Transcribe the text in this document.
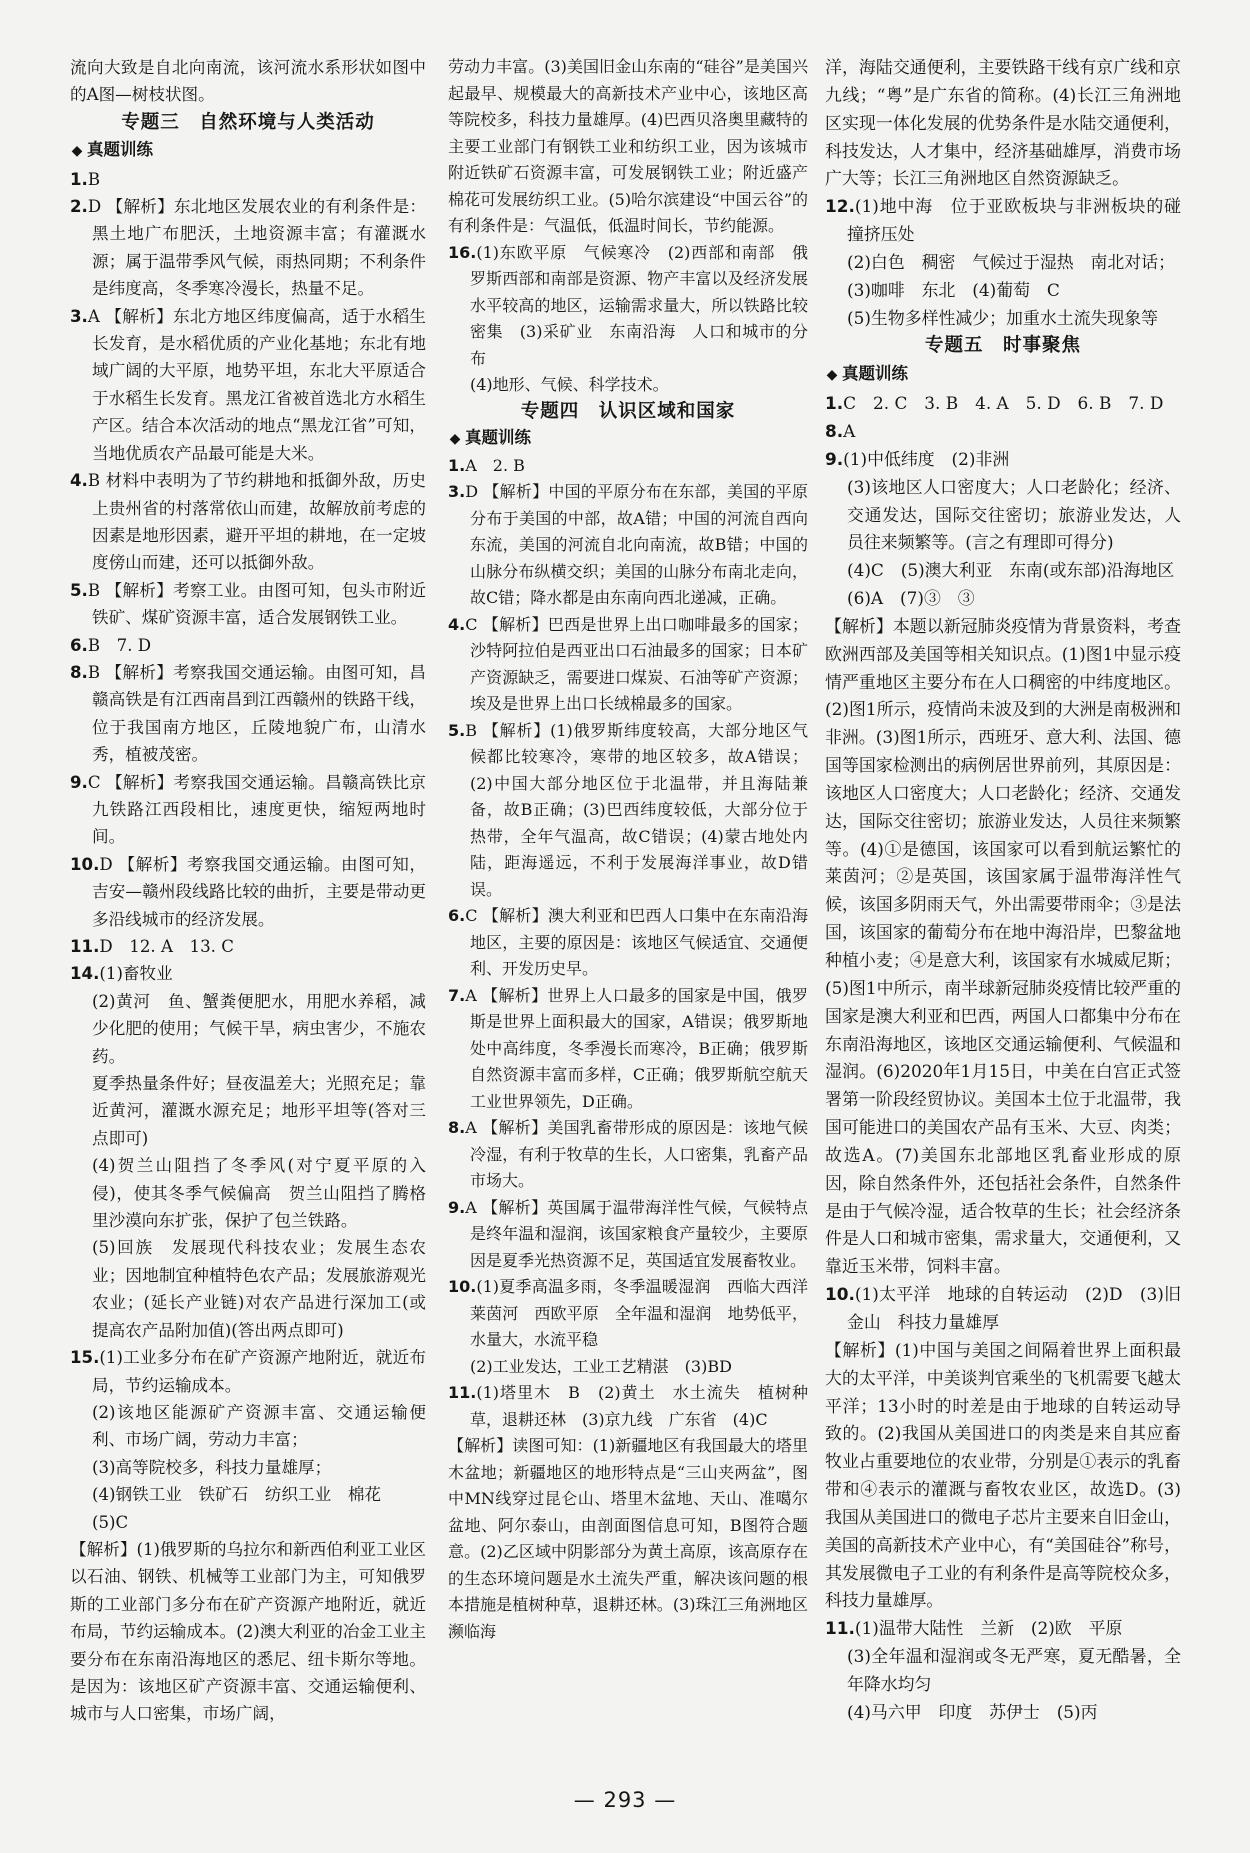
流向大致是自北向南流，该河流水系形状如图中的A图—树枝状图。

专题三　自然环境与人类活动

◆ 真题训练

1.B

2.D 【解析】东北地区发展农业的有利条件是：黑土地广布肥沃，土地资源丰富；有灌溉水源；属于温带季风气候，雨热同期；不利条件是纬度高，冬季寒冷漫长，热量不足。

3.A 【解析】东北方地区纬度偏高，适于水稻生长发育，是水稻优质的产业化基地；东北有地域广阔的大平原，地势平坦，东北大平原适合于水稻生长发育。黑龙江省被首选北方水稻生产区。结合本次活动的地点“黑龙江省”可知，当地优质农产品最可能是大米。

4.B 材料中表明为了节约耕地和抵御外敌，历史上贵州省的村落常依山而建，故解放前考虑的因素是地形因素，避开平坦的耕地，在一定坡度傍山而建，还可以抵御外敌。

5.B 【解析】考察工业。由图可知，包头市附近铁矿、煤矿资源丰富，适合发展钢铁工业。

6.B　7. D

8.B 【解析】考察我国交通运输。由图可知，昌赣高铁是有江西南昌到江西赣州的铁路干线，位于我国南方地区，丘陵地貌广布，山清水秀，植被茂密。

9.C 【解析】考察我国交通运输。昌赣高铁比京九铁路江西段相比，速度更快，缩短两地时间。

10.D 【解析】考察我国交通运输。由图可知，吉安—赣州段线路比较的曲折，主要是带动更多沿线城市的经济发展。

11.D　12. A　13. C

14.(1)畜牧业

(2)黄河　鱼、蟹粪便肥水，用肥水养稻，减少化肥的使用；气候干旱，病虫害少，不施农药。

夏季热量条件好；昼夜温差大；光照充足；靠近黄河，灌溉水源充足；地形平坦等(答对三点即可)

(4)贺兰山阻挡了冬季风(对宁夏平原的入侵)，使其冬季气候偏高　贺兰山阻挡了腾格里沙漠向东扩张，保护了包兰铁路。

(5)回族　发展现代科技农业；发展生态农业；因地制宜种植特色农产品；发展旅游观光农业；(延长产业链)对农产品进行深加工(或提高农产品附加值)(答出两点即可)

15.(1)工业多分布在矿产资源产地附近，就近布局，节约运输成本。

(2)该地区能源矿产资源丰富、交通运输便利、市场广阔，劳动力丰富；

(3)高等院校多，科技力量雄厚；

(4)钢铁工业　铁矿石　纺织工业　棉花

(5)C

【解析】(1)俄罗斯的乌拉尔和新西伯利亚工业区以石油、钢铁、机械等工业部门为主，可知俄罗斯的工业部门多分布在矿产资源产地附近，就近布局，节约运输成本。(2)澳大利亚的冶金工业主要分布在东南沿海地区的悉尼、纽卡斯尔等地。是因为：该地区矿产资源丰富、交通运输便利、城市与人口密集，市场广阔，

劳动力丰富。(3)美国旧金山东南的“硅谷”是美国兴起最早、规模最大的高新技术产业中心，该地区高等院校多，科技力量雄厚。(4)巴西贝洛奥里藏特的主要工业部门有钢铁工业和纺织工业，因为该城市附近铁矿石资源丰富，可发展钢铁工业；附近盛产棉花可发展纺织工业。(5)哈尔滨建设“中国云谷”的有利条件是：气温低，低温时间长，节约能源。

16.(1)东欧平原　气候寒冷　(2)西部和南部　俄罗斯西部和南部是资源、物产丰富以及经济发展水平较高的地区，运输需求量大，所以铁路比较密集　(3)采矿业　东南沿海　人口和城市的分布

(4)地形、气候、科学技术。

专题四　认识区域和国家

◆ 真题训练

1.A　2. B

3.D 【解析】中国的平原分布在东部，美国的平原分布于美国的中部，故A错；中国的河流自西向东流，美国的河流自北向南流，故B错；中国的山脉分布纵横交织；美国的山脉分布南北走向，故C错；降水都是由东南向西北递减，正确。

4.C 【解析】巴西是世界上出口咖啡最多的国家；沙特阿拉伯是西亚出口石油最多的国家；日本矿产资源缺乏，需要进口煤炭、石油等矿产资源；埃及是世界上出口长绒棉最多的国家。

5.B 【解析】(1)俄罗斯纬度较高，大部分地区气候都比较寒冷，寒带的地区较多，故A错误；(2)中国大部分地区位于北温带，并且海陆兼备，故B正确；(3)巴西纬度较低，大部分位于热带，全年气温高，故C错误；(4)蒙古地处内陆，距海遥远，不利于发展海洋事业，故D错误。

6.C 【解析】澳大利亚和巴西人口集中在东南沿海地区，主要的原因是：该地区气候适宜、交通便利、开发历史早。

7.A 【解析】世界上人口最多的国家是中国，俄罗斯是世界上面积最大的国家，A错误；俄罗斯地处中高纬度，冬季漫长而寒冷，B正确；俄罗斯自然资源丰富而多样，C正确；俄罗斯航空航天工业世界领先，D正确。

8.A 【解析】美国乳畜带形成的原因是：该地气候冷湿，有利于牧草的生长，人口密集，乳畜产品市场大。

9.A 【解析】英国属于温带海洋性气候，气候特点是终年温和湿润，该国家粮食产量较少，主要原因是夏季光热资源不足，英国适宜发展畜牧业。

10.(1)夏季高温多雨，冬季温暖湿润　西临大西洋　莱茵河　西欧平原　全年温和湿润　地势低平，水量大，水流平稳

(2)工业发达，工业工艺精湛　(3)BD

11.(1)塔里木　B　(2)黄土　水土流失　植树种草，退耕还林　(3)京九线　广东省　(4)C

【解析】读图可知：(1)新疆地区有我国最大的塔里木盆地；新疆地区的地形特点是“三山夹两盆”，图中MN线穿过昆仑山、塔里木盆地、天山、准噶尔盆地、阿尔泰山，由剖面图信息可知，B图符合题意。(2)乙区域中阴影部分为黄土高原，该高原存在的生态环境问题是水土流失严重，解决该问题的根本措施是植树种草，退耕还林。(3)珠江三角洲地区濒临海

洋，海陆交通便利，主要铁路干线有京广线和京九线；“粤”是广东省的简称。(4)长江三角洲地区实现一体化发展的优势条件是水陆交通便利，科技发达，人才集中，经济基础雄厚，消费市场广大等；长江三角洲地区自然资源缺乏。

12.(1)地中海　位于亚欧板块与非洲板块的碰撞挤压处

(2)白色　稠密　气候过于湿热　南北对话；

(3)咖啡　东北　(4)葡萄　C

(5)生物多样性减少；加重水土流失现象等

专题五　时事聚焦

◆ 真题训练

1.C　2. C　3. B　4. A　5. D　6. B　7. D

8.A

9.(1)中低纬度　(2)非洲

(3)该地区人口密度大；人口老龄化；经济、交通发达，国际交往密切；旅游业发达，人员往来频繁等。(言之有理即可得分)

(4)C　(5)澳大利亚　东南(或东部)沿海地区

(6)A　(7)③　③

【解析】本题以新冠肺炎疫情为背景资料，考查欧洲西部及美国等相关知识点。(1)图1中显示疫情严重地区主要分布在人口稠密的中纬度地区。(2)图1所示，疫情尚未波及到的大洲是南极洲和非洲。(3)图1所示，西班牙、意大利、法国、德国等国家检测出的病例居世界前列，其原因是：该地区人口密度大；人口老龄化；经济、交通发达，国际交往密切；旅游业发达，人员往来频繁等。(4)①是德国，该国家可以看到航运繁忙的莱茵河；②是英国，该国家属于温带海洋性气候，该国多阴雨天气，外出需要带雨伞；③是法国，该国家的葡萄分布在地中海沿岸，巴黎盆地种植小麦；④是意大利，该国家有水城威尼斯；(5)图1中所示，南半球新冠肺炎疫情比较严重的国家是澳大利亚和巴西，两国人口都集中分布在东南沿海地区，该地区交通运输便利、气候温和湿润。(6)2020年1月15日，中美在白宫正式签署第一阶段经贸协议。美国本土位于北温带，我国可能进口的美国农产品有玉米、大豆、肉类；故选A。(7)美国东北部地区乳畜业形成的原因，除自然条件外，还包括社会条件，自然条件是由于气候冷湿，适合牧草的生长；社会经济条件是人口和城市密集，需求量大，交通便利，又靠近玉米带，饲料丰富。

10.(1)太平洋　地球的自转运动　(2)D　(3)旧金山　科技力量雄厚

【解析】(1)中国与美国之间隔着世界上面积最大的太平洋，中美谈判官乘坐的飞机需要飞越太平洋；13小时的时差是由于地球的自转运动导致的。(2)我国从美国进口的肉类是来自其应畜牧业占重要地位的农业带，分别是①表示的乳畜带和④表示的灌溉与畜牧农业区，故选D。(3)我国从美国进口的微电子芯片主要来自旧金山，美国的高新技术产业中心，有“美国硅谷”称号，其发展微电子工业的有利条件是高等院校众多，科技力量雄厚。

11.(1)温带大陆性　兰新　(2)欧　平原

(3)全年温和湿润或冬无严寒，夏无酷暑，全年降水均匀

(4)马六甲　印度　苏伊士　(5)丙

— 293 —
